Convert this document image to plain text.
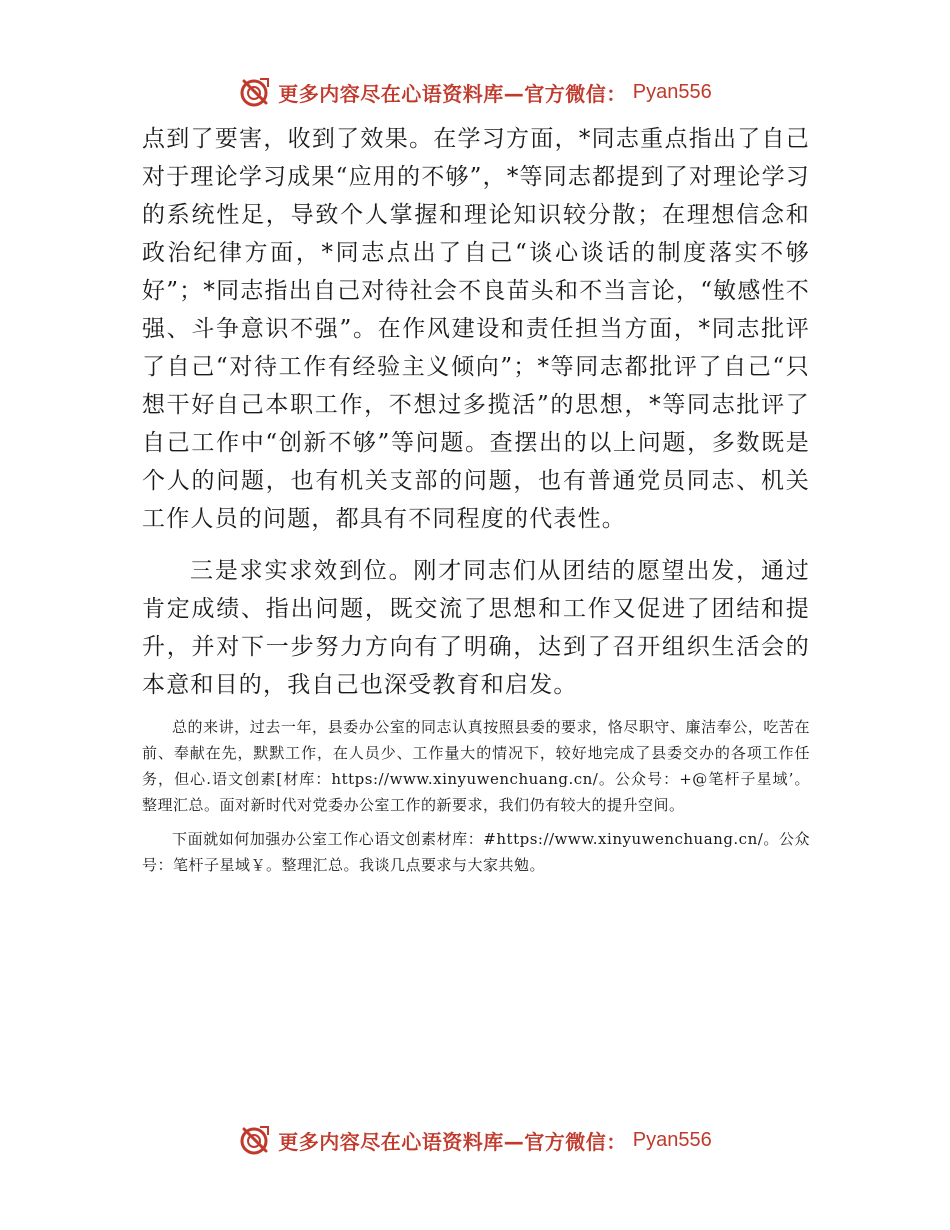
更多内容尽在心语资料库—官方微信： Pyan556

点到了要害，收到了效果。在学习方面，*同志重点指出了自己对于理论学习成果“应用的不够”，*等同志都提到了对理论学习的系统性足，导致个人掌握和理论知识较分散；在理想信念和政治纪律方面，*同志点出了自己“谈心谈话的制度落实不够好”；*同志指出自己对待社会不良苗头和不当言论，“敏感性不强、斗争意识不强”。在作风建设和责任担当方面，*同志批评了自己“对待工作有经验主义倾向”；*等同志都批评了自己“只想干好自己本职工作，不想过多揽活”的思想，*等同志批评了自己工作中“创新不够”等问题。查摆出的以上问题，多数既是个人的问题，也有机关支部的问题，也有普通党员同志、机关工作人员的问题，都具有不同程度的代表性。

三是求实求效到位。刚才同志们从团结的愿望出发，通过肯定成绩、指出问题，既交流了思想和工作又促进了团结和提升，并对下一步努力方向有了明确，达到了召开组织生活会的本意和目的，我自己也深受教育和启发。

总的来讲，过去一年，县委办公室的同志认真按照县委的要求，恪尽职守、廉洁奉公，吃苦在前、奉献在先，默默工作，在人员少、工作量大的情况下，较好地完成了县委交办的各项工作任务，但心.语文创素[材库：https://www.xinyuwenchuang.cn/。公众号：+@笔杆子星域’。整理汇总。面对新时代对党委办公室工作的新要求，我们仍有较大的提升空间。

下面就如何加强办公室工作心语文创素材库：#https://www.xinyuwenchuang.cn/。公众号：笔杆子星域￥。整理汇总。我谈几点要求与大家共勉。

更多内容尽在心语资料库—官方微信： Pyan556
